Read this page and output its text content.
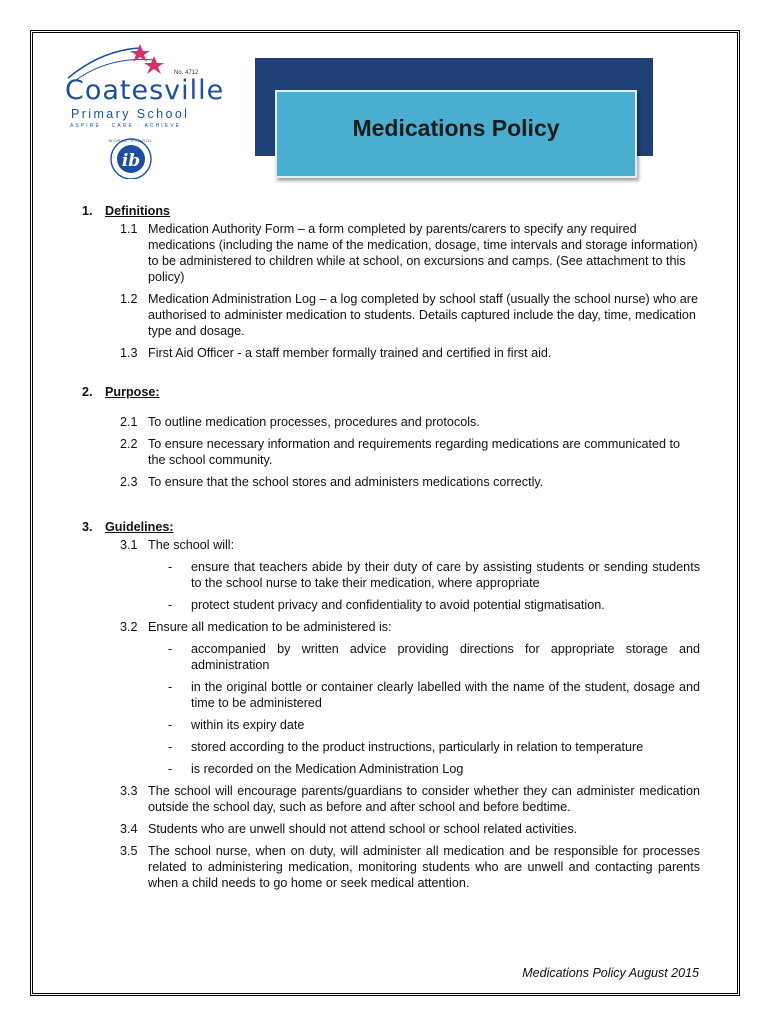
No. 4712
Coatesville
Primary School
ASPIRE · CARE · ACHIEVE
ib
WORLD SCHOOL	Medications Policy

1. Definitions

1.1 Medication Authority Form – a form completed by parents/carers to specify any required medications (including the name of the medication, dosage, time intervals and storage information) to be administered to children while at school, on excursions and camps. (See attachment to this policy)
1.2 Medication Administration Log – a log completed by school staff (usually the school nurse) who are authorised to administer medication to students. Details captured include the day, time, medication type and dosage.
1.3 First Aid Officer - a staff member formally trained and certified in first aid.

2. Purpose:

2.1 To outline medication processes, procedures and protocols.
2.2 To ensure necessary information and requirements regarding medications are communicated to the school community.
2.3 To ensure that the school stores and administers medications correctly.

3. Guidelines:

3.1 The school will:
- ensure that teachers abide by their duty of care by assisting students or sending students to the school nurse to take their medication, where appropriate
- protect student privacy and confidentiality to avoid potential stigmatisation.
3.2 Ensure all medication to be administered is:
- accompanied by written advice providing directions for appropriate storage and administration
- in the original bottle or container clearly labelled with the name of the student, dosage and time to be administered
- within its expiry date
- stored according to the product instructions, particularly in relation to temperature
- is recorded on the Medication Administration Log
3.3 The school will encourage parents/guardians to consider whether they can administer medication outside the school day, such as before and after school and before bedtime.
3.4 Students who are unwell should not attend school or school related activities.
3.5 The school nurse, when on duty, will administer all medication and be responsible for processes related to administering medication, monitoring students who are unwell and contacting parents when a child needs to go home or seek medical attention.
Medications Policy August 2015
